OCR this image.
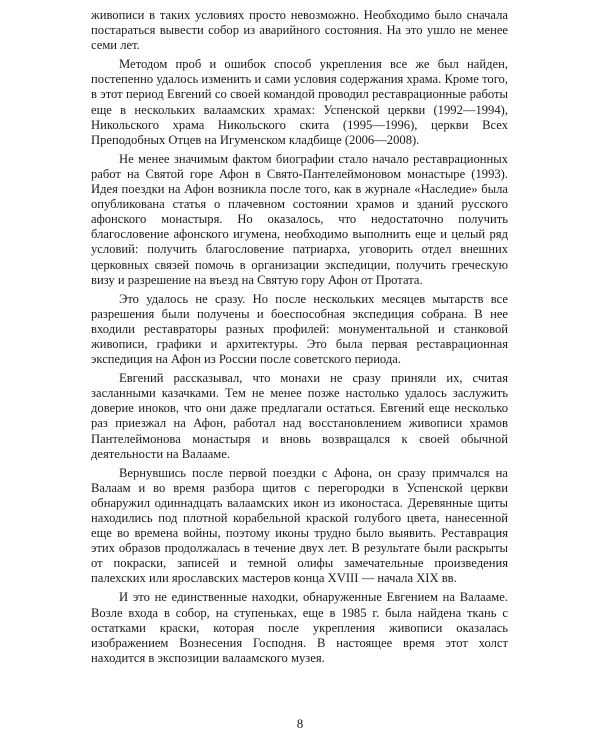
живописи в таких условиях просто невозможно. Необходимо было сначала постараться вывести собор из аварийного состояния. На это ушло не менее семи лет.

Методом проб и ошибок способ укрепления все же был найден, постепенно удалось изменить и сами условия содержания храма. Кроме того, в этот период Евгений со своей командой проводил реставрационные работы еще в нескольких валаамских храмах: Успенской церкви (1992—1994), Никольского храма Никольского скита (1995—1996), церкви Всех Преподобных Отцев на Игуменском кладбище (2006—2008).

Не менее значимым фактом биографии стало начало реставрационных работ на Святой горе Афон в Свято-Пантелеймоновом монастыре (1993). Идея поездки на Афон возникла после того, как в журнале «Наследие» была опубликована статья о плачевном состоянии храмов и зданий русского афонского монастыря. Но оказалось, что недостаточно получить благословение афонского игумена, необходимо выполнить еще и целый ряд условий: получить благословение патриарха, уговорить отдел внешних церковных связей помочь в организации экспедиции, получить греческую визу и разрешение на въезд на Святую гору Афон от Протата.

Это удалось не сразу. Но после нескольких месяцев мытарств все разрешения были получены и боеспособная экспедиция собрана. В нее входили реставраторы разных профилей: монументальной и станковой живописи, графики и архитектуры. Это была первая реставрационная экспедиция на Афон из России после советского периода.

Евгений рассказывал, что монахи не сразу приняли их, считая засланными казачками. Тем не менее позже настолько удалось заслужить доверие иноков, что они даже предлагали остаться. Евгений еще несколько раз приезжал на Афон, работал над восстановлением живописи храмов Пантелеймонова монастыря и вновь возвращался к своей обычной деятельности на Валааме.

Вернувшись после первой поездки с Афона, он сразу примчался на Валаам и во время разбора щитов с перегородки в Успенской церкви обнаружил одиннадцать валаамских икон из иконостаса. Деревянные щиты находились под плотной корабельной краской голубого цвета, нанесенной еще во времена войны, поэтому иконы трудно было выявить. Реставрация этих образов продолжалась в течение двух лет. В результате были раскрыты от покраски, записей и темной олифы замечательные произведения палехских или ярославских мастеров конца XVIII — начала XIX вв.

И это не единственные находки, обнаруженные Евгением на Валааме. Возле входа в собор, на ступеньках, еще в 1985 г. была найдена ткань с остатками краски, которая после укрепления живописи оказалась изображением Вознесения Господня. В настоящее время этот холст находится в экспозиции валаамского музея.

8
